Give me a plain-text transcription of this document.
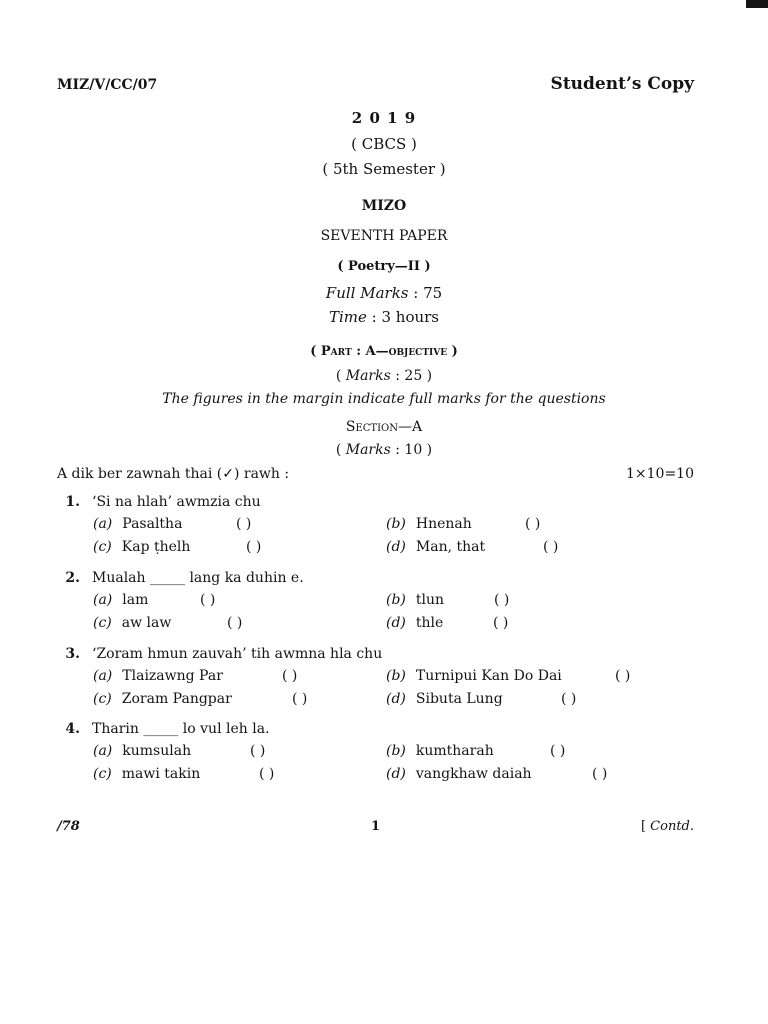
MIZ/V/CC/07	Student’s Copy
2 0 1 9
( CBCS )
( 5th Semester )
MIZO
SEVENTH PAPER
( Poetry—II )
Full Marks : 75
Time : 3 hours
( Part : A—objective )
( Marks : 25 )
The figures in the margin indicate full marks for the questions
Section—A
( Marks : 10 )
A dik ber zawnah thai (✓) rawh :	1×10=10
1. ‘Si na hlah’ awmzia chu
(a) Pasaltha	( )	(b) Hnenah	( )
(c) Kap ṭhelh	( )	(d) Man, that	( )
2. Mualah _____ lang ka duhin e.
(a) lam	( )	(b) tlun	( )
(c) aw law	( )	(d) thle	( )
3. ‘Zoram hmun zauvah’ tih awmna hla chu
(a) Tlaizawng Par	( )	(b) Turnipui Kan Do Dai	( )
(c) Zoram Pangpar	( )	(d) Sibuta Lung	( )
4. Tharin _____ lo vul leh la.
(a) kumsulah	( )	(b) kumtharah	( )
(c) mawi takin	( )	(d) vangkhaw daiah	( )
/78	1	[ Contd.
